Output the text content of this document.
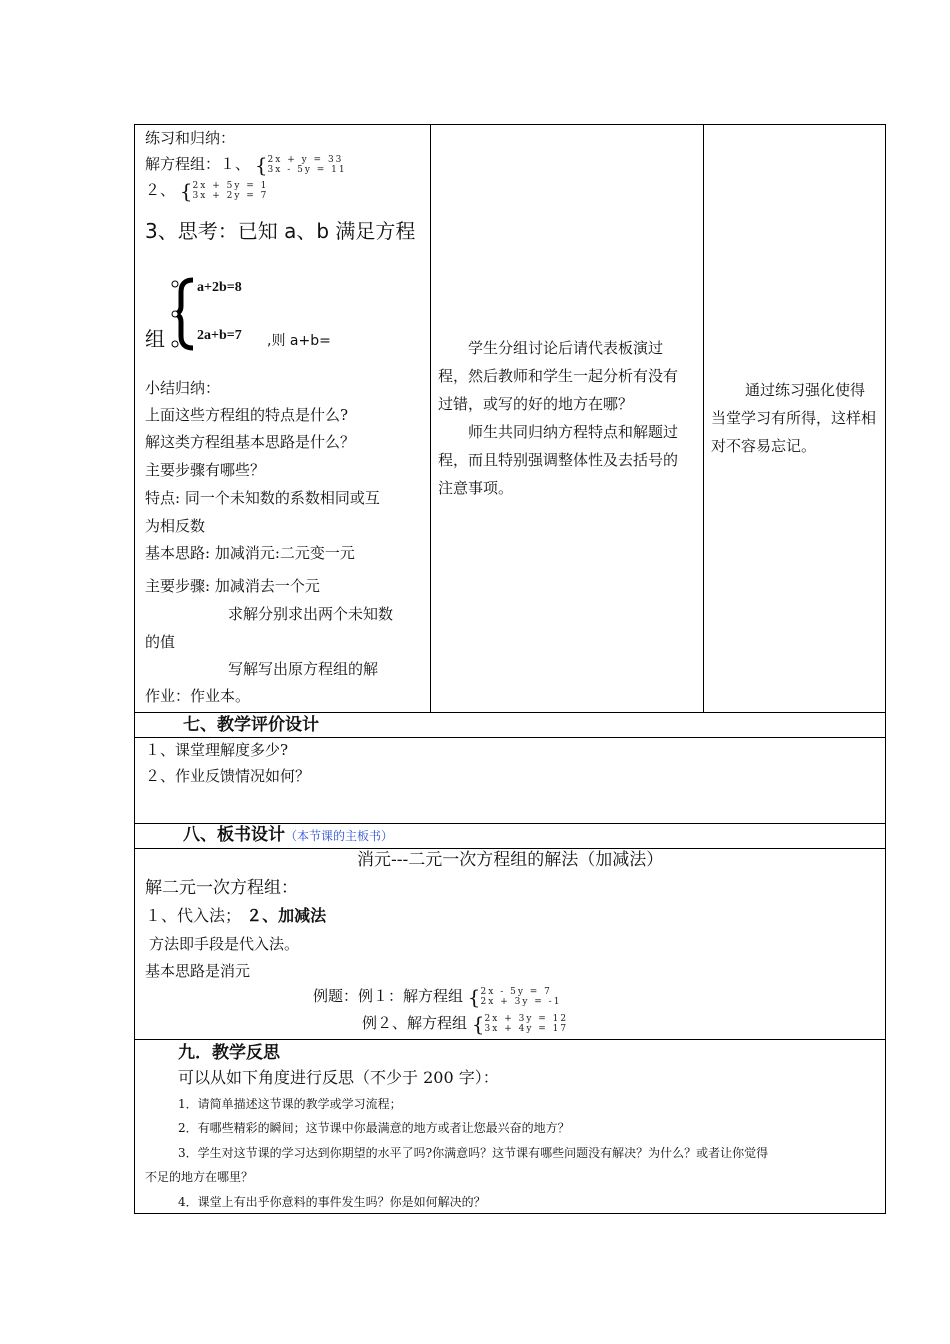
练习和归纳：
解方程组：１、 {2x + y = 33
3x - 5y = 11
２、 {2x + 5y = 1
3x + 2y = 7
3、思考：已知 a、b 满足方程
a+2b=8
2a+b=7
组	,则 a+b=
小结归纳：
上面这些方程组的特点是什么?
解这类方程组基本思路是什么？
主要步骤有哪些？
特点: 同一个未知数的系数相同或互
为相反数
基本思路: 加减消元:二元变一元
主要步骤: 加减消去一个元
求解分别求出两个未知数
的值
写解写出原方程组的解
作业：作业本。
学生分组讨论后请代表板演过程，然后教师和学生一起分析有没有过错，或写的好的地方在哪？
师生共同归纳方程特点和解题过程，而且特别强调整体性及去括号的注意事项。
通过练习强化使得当堂学习有所得，这样相对不容易忘记。
七、教学评价设计
１、课堂理解度多少?
２、作业反馈情况如何？
八、板书设计（本节课的主板书）
消元---二元一次方程组的解法（加减法）
解二元一次方程组：
１、代入法； ２、加减法
方法即手段是代入法。
基本思路是消元
例题：例１：解方程组 {2x - 5y = 7
2x + 3y = -1
例２、解方程组 {2x + 3y = 12
3x + 4y = 17
九．教学反思
可以从如下角度进行反思（不少于 200 字）：
1．请简单描述这节课的教学或学习流程；
2．有哪些精彩的瞬间；这节课中你最满意的地方或者让您最兴奋的地方？
3．学生对这节课的学习达到你期望的水平了吗?你满意吗？这节课有哪些问题没有解决？为什么？或者让你觉得
不足的地方在哪里？
4．课堂上有出乎你意料的事件发生吗？你是如何解决的？
